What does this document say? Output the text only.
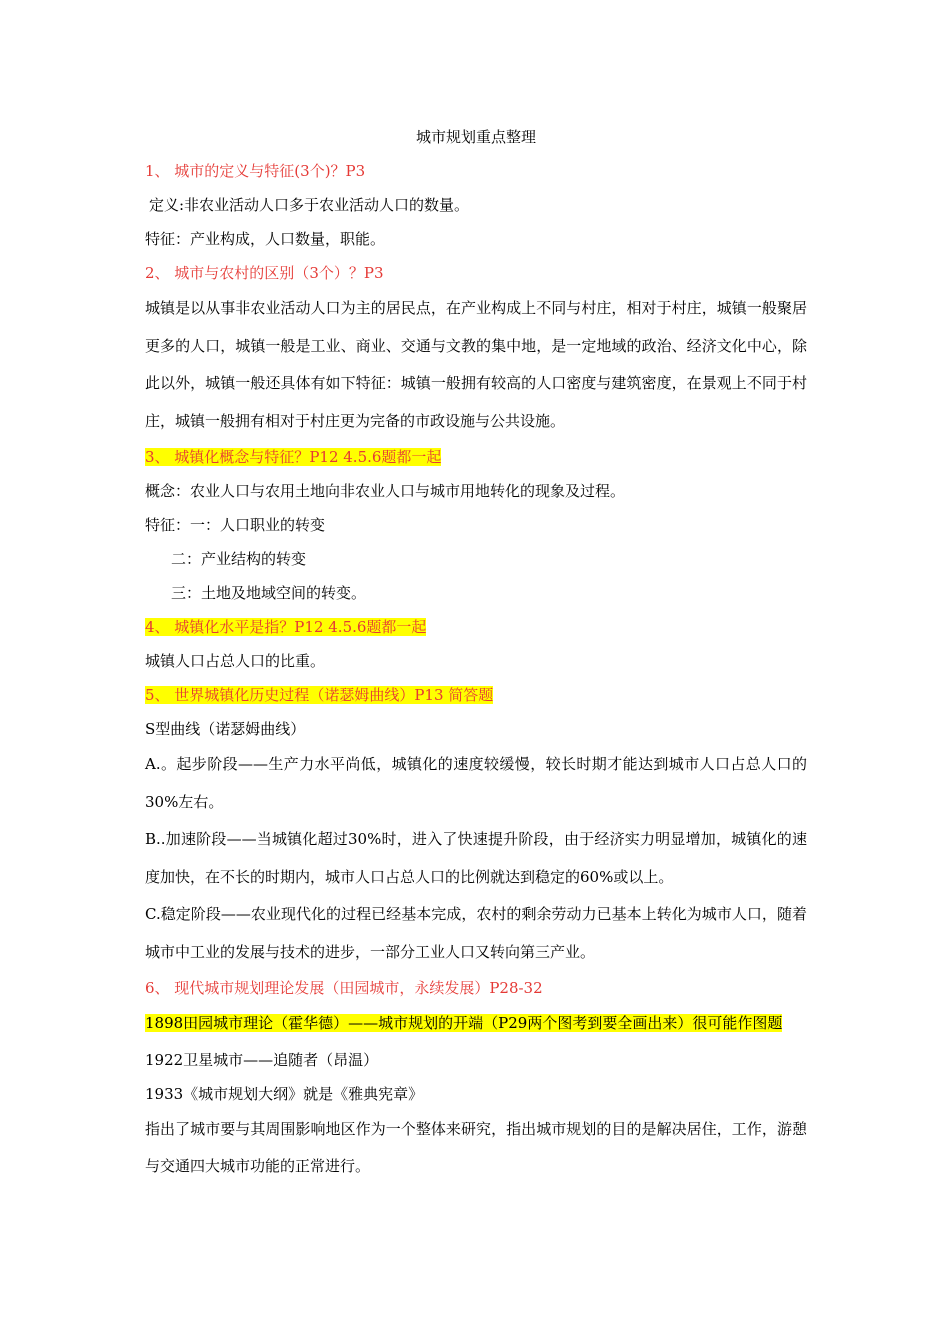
城市规划重点整理
1、 城市的定义与特征(3个)？P3
定义:非农业活动人口多于农业活动人口的数量。
特征：产业构成，人口数量，职能。
2、 城市与农村的区别（3个）？P3
城镇是以从事非农业活动人口为主的居民点，在产业构成上不同与村庄，相对于村庄，城镇一般聚居更多的人口，城镇一般是工业、商业、交通与文教的集中地，是一定地域的政治、经济文化中心，除此以外，城镇一般还具体有如下特征：城镇一般拥有较高的人口密度与建筑密度，在景观上不同于村庄，城镇一般拥有相对于村庄更为完备的市政设施与公共设施。
3、 城镇化概念与特征？P12 4.5.6题都一起
概念：农业人口与农用土地向非农业人口与城市用地转化的现象及过程。
特征：一：人口职业的转变
二：产业结构的转变
三：土地及地域空间的转变。
4、 城镇化水平是指？P12 4.5.6题都一起
城镇人口占总人口的比重。
5、 世界城镇化历史过程（诺瑟姆曲线）P13 简答题
S型曲线（诺瑟姆曲线）
A.。起步阶段——生产力水平尚低，城镇化的速度较缓慢，较长时期才能达到城市人口占总人口的30%左右。
B..加速阶段——当城镇化超过30%时，进入了快速提升阶段，由于经济实力明显增加，城镇化的速度加快，在不长的时期内，城市人口占总人口的比例就达到稳定的60%或以上。
C.稳定阶段——农业现代化的过程已经基本完成，农村的剩余劳动力已基本上转化为城市人口，随着城市中工业的发展与技术的进步，一部分工业人口又转向第三产业。
6、 现代城市规划理论发展（田园城市，永续发展）P28-32
1898田园城市理论（霍华德）——城市规划的开端（P29两个图考到要全画出来）很可能作图题
1922卫星城市——追随者（昂温）
1933《城市规划大纲》就是《雅典宪章》
指出了城市要与其周围影响地区作为一个整体来研究，指出城市规划的目的是解决居住，工作，游憩与交通四大城市功能的正常进行。
